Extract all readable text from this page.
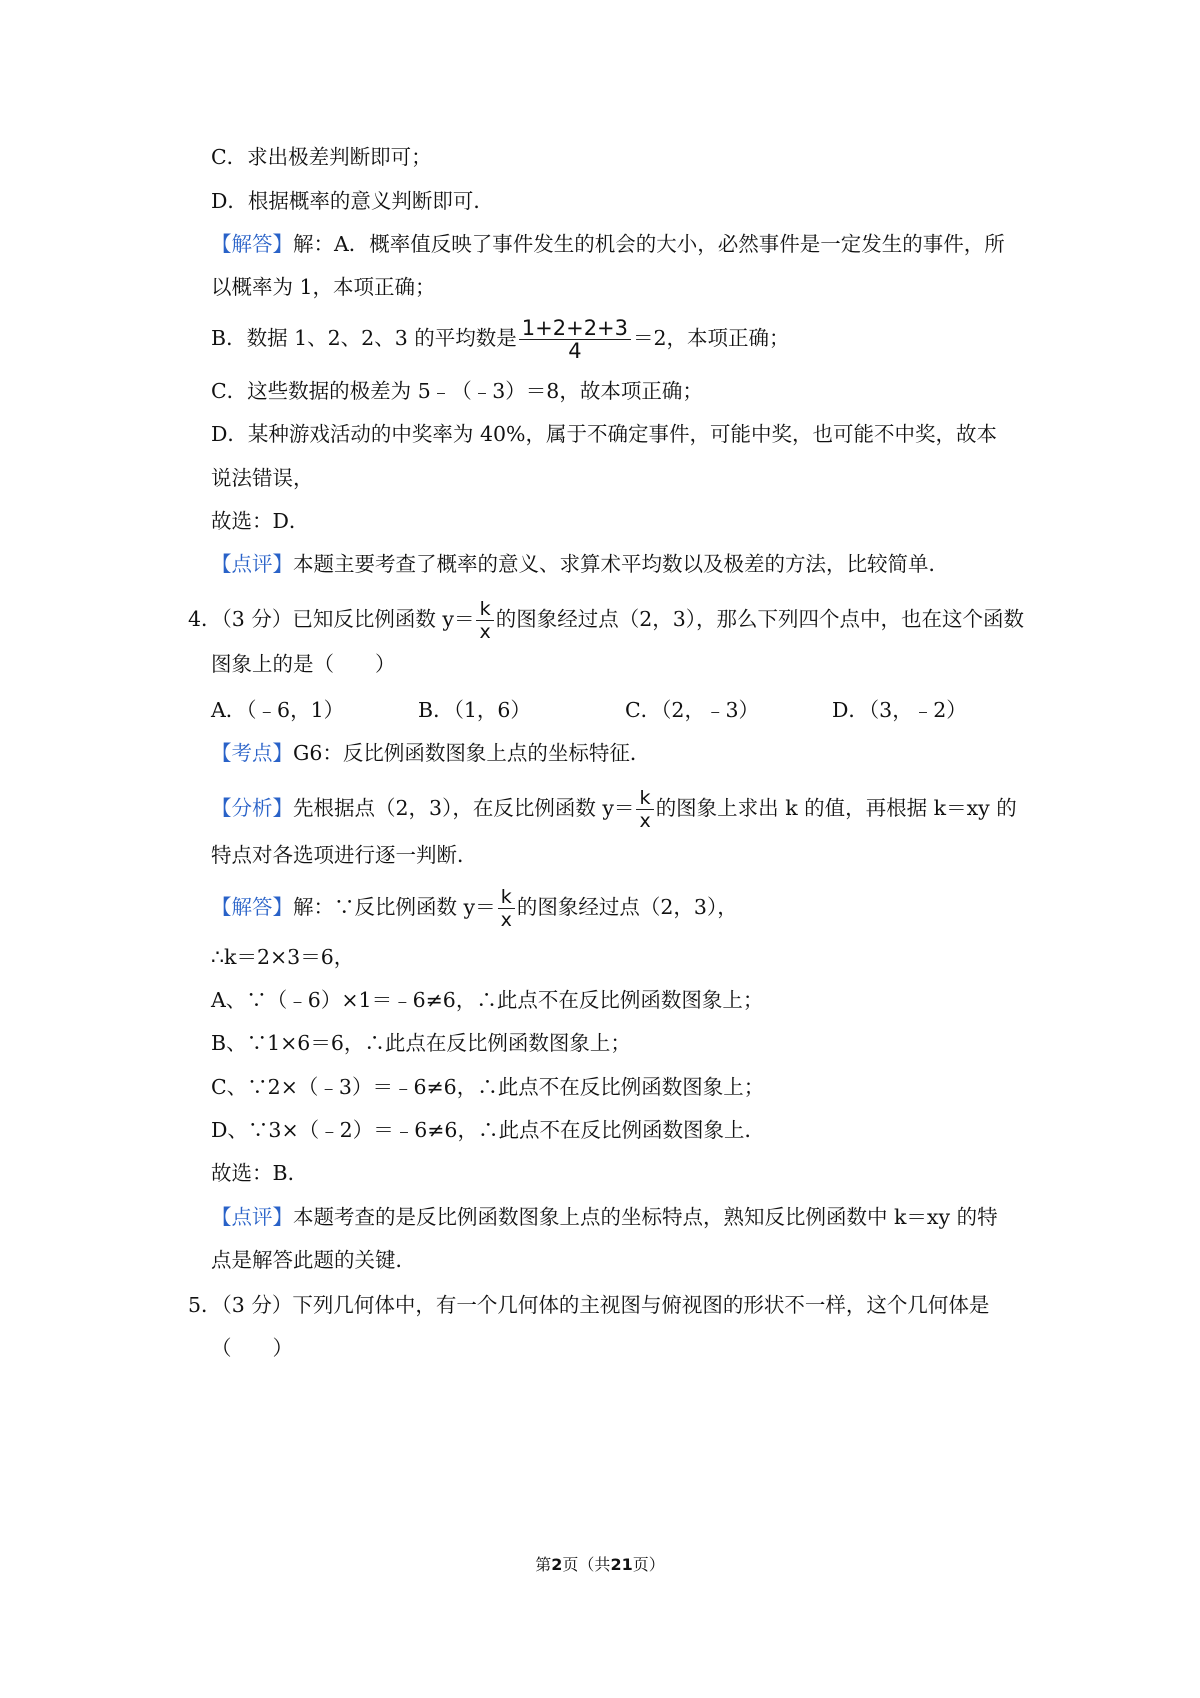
C．求出极差判断即可；
D．根据概率的意义判断即可．
【解答】解：A．概率值反映了事件发生的机会的大小，必然事件是一定发生的事件，所
以概率为 1，本项正确；
B．数据 1、2、2、3 的平均数是 $\frac{1+2+2+3}{4} =2$，本项正确；
C．这些数据的极差为 5﹣（﹣3）＝8，故本项正确；
D．某种游戏活动的中奖率为 40%，属于不确定事件，可能中奖，也可能不中奖，故本
说法错误，
故选：D．
【点评】本题主要考查了概率的意义、求算术平均数以及极差的方法，比较简单．
4．（3 分）已知反比例函数 $y= \frac{k}{x}$ 的图象经过点（2，3），那么下列四个点中，也在这个函数
图象上的是（　　）
A．（﹣6，1）	B．（1，6）	C．（2，﹣3）	D．（3，﹣2）
【考点】G6：反比例函数图象上点的坐标特征．
【分析】先根据点（2，3），在反比例函数 $y= \frac{k}{x}$ 的图象上求出 k 的值，再根据 k＝xy 的
特点对各选项进行逐一判断．
【解答】解：∵反比例函数 $y= \frac{k}{x}$ 的图象经过点（2，3），
∴k＝2×3＝6，
A、∵（﹣6）×1＝﹣6≠6，∴此点不在反比例函数图象上；
B、∵1×6＝6，∴此点在反比例函数图象上；
C、∵2×（﹣3）＝﹣6≠6，∴此点不在反比例函数图象上；
D、∵3×（﹣2）＝﹣6≠6，∴此点不在反比例函数图象上．
故选：B．
【点评】本题考查的是反比例函数图象上点的坐标特点，熟知反比例函数中 k＝xy 的特
点是解答此题的关键．
5．（3 分）下列几何体中，有一个几何体的主视图与俯视图的形状不一样，这个几何体是
（　　）
第2页（共21页）
